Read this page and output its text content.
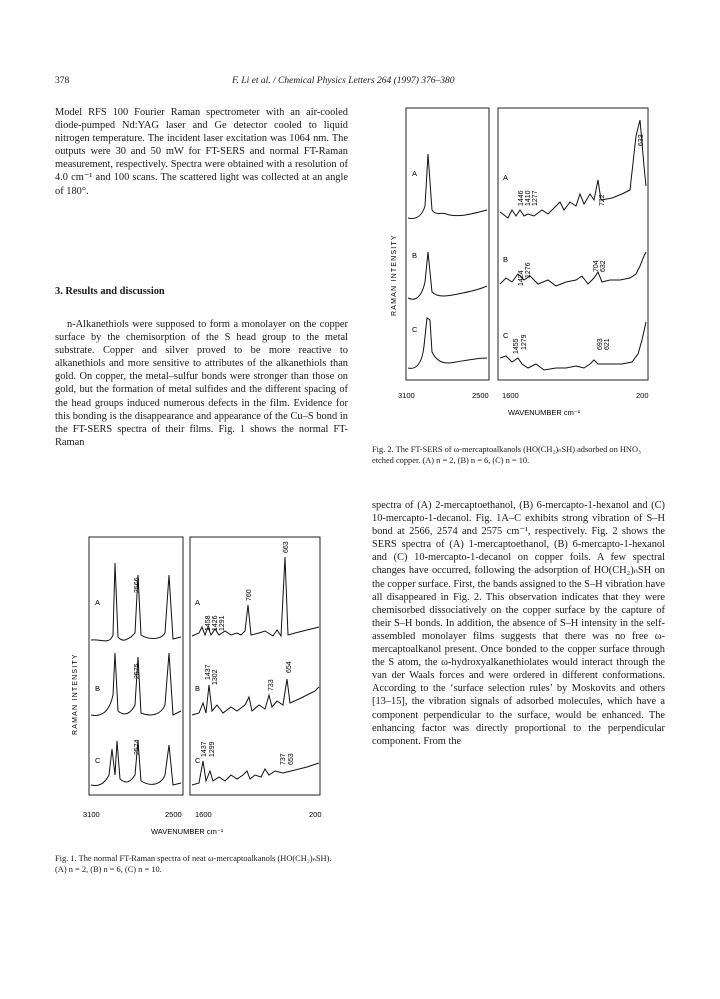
378	F. Li et al. / Chemical Physics Letters 264 (1997) 376–380

Model RFS 100 Fourier Raman spectrometer with an air-cooled diode-pumped Nd:YAG laser and Ge detector cooled to liquid nitrogen temperature. The incident laser excitation was 1064 nm. The outputs were 30 and 50 mW for FT-SERS and normal FT-Raman measurement, respectively. Spectra were obtained with a resolution of 4.0 cm⁻¹ and 100 scans. The scattered light was collected at an angle of 180°.

3. Results and discussion

n-Alkanethiols were supposed to form a monolayer on the copper surface by the chemisorption of the S head group to the metal substrate. Copper and silver proved to be more reactive to alkanethiols and more sensitive to attributes of the alkanethiols than gold. On copper, the metal–sulfur bonds were stronger than those on gold, but the formation of metal sulfides and the different spacing of the head groups induced numerous defects in the film. Evidence for this bonding is the disappearance and appearance of the Cu–S bond in the FT-SERS spectra of their films. Fig. 1 shows the normal FT-Raman

RAMAN INTENSITY
A
B
C
A
B
C
2566
2575
2574
1458 1426 1291
760
663
1437 1302
733
654
1437 1299
737 653
3100	2500 1600	200
WAVENUMBER cm⁻¹
Fig. 1. The normal FT-Raman spectra of neat ω-mercaptoalkanols (HO(CH₂)ₙSH). (A) n = 2, (B) n = 6, (C) n = 10.
RAMAN INTENSITY
A
B
C
A
B
C
1446 1410 1277	722
633
1424
1276	704 632
1455 1279	693 621
3100	2500 1600	200
WAVENUMBER cm⁻¹
Fig. 2. The FT-SERS of ω-mercaptoalkanols (HO(CH₂)ₙSH) adsorbed on HNO₃ etched copper. (A) n = 2, (B) n = 6, (C) n = 10.

spectra of (A) 2-mercaptoethanol, (B) 6-mercapto-1-hexanol and (C) 10-mercapto-1-decanol. Fig. 1A–C exhibits strong vibration of S–H bond at 2566, 2574 and 2575 cm⁻¹, respectively. Fig. 2 shows the SERS spectra of (A) 1-mercaptoethanol, (B) 6-mercapto-1-hexanol and (C) 10-mercapto-1-decanol on copper foils. A few spectral changes have occurred, following the adsorption of HO(CH₂)ₙSH on the copper surface. First, the bands assigned to the S–H vibration have all disappeared in Fig. 2. This observation indicates that they were chemisorbed dissociatively on the copper surface by the capture of their S–H bonds. In addition, the absence of S–H intensity in the self-assembled monolayer films suggests that there was no free ω-mercaptoalkanol present. Once bonded to the copper surface through the S atom, the ω-hydroxyalkanethiolates would interact through the van der Waals forces and were ordered in different conformations. According to the ‘surface selection rules’ by Moskovits and others [13–15], the vibration signals of adsorbed molecules, which have a component perpendicular to the surface, would be enhanced. The enhancing factor was directly proportional to the perpendicular component. From the
